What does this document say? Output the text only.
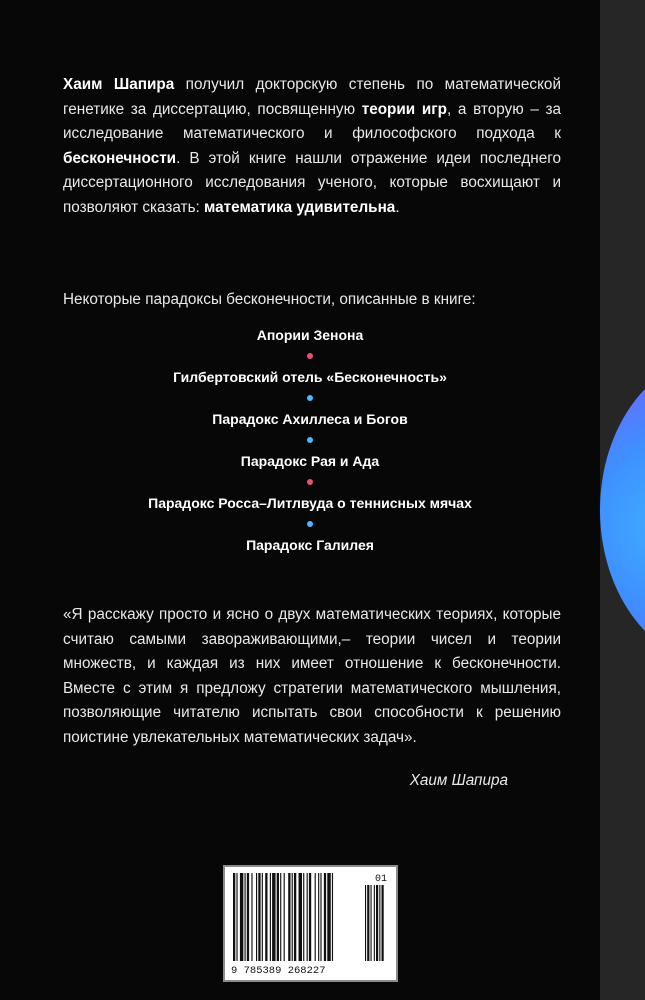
Хаим Шапира получил докторскую степень по математической генетике за диссертацию, посвященную теории игр, а вторую – за исследование математического и философского подхода к бесконечности. В этой книге нашли отражение идеи последнего диссертационного исследования ученого, которые восхищают и позволяют сказать: математика удивительна.

Некоторые парадоксы бесконечности, описанные в книге:
Апории Зенона
Гилбертовский отель «Бесконечность»
Парадокс Ахиллеса и Богов
Парадокс Рая и Ада
Парадокс Росса–Литлвуда о теннисных мячах
Парадокс Галилея

«Я расскажу просто и ясно о двух математических теориях, которые считаю самыми завораживающими,– теории чисел и теории множеств, и каждая из них имеет отношение к бесконечности. Вместе с этим я предложу стратегии математического мышления, позволяющие читателю испытать свои способности к решению поистине увлекательных математических задач».

Хаим Шапира
01
9 785389 268227
